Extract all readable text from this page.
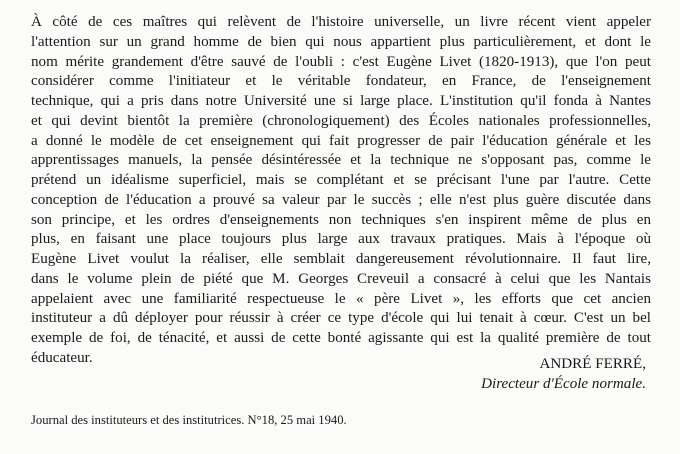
À côté de ces maîtres qui relèvent de l'histoire universelle, un livre récent vient appeler
l'attention sur un grand homme de bien qui nous appartient plus particulièrement, et dont le
nom mérite grandement d'être sauvé de l'oubli : c'est Eugène Livet (1820-1913), que l'on peut
considérer comme l'initiateur et le véritable fondateur, en France, de l'enseignement
technique, qui a pris dans notre Université une si large place. L'institution qu'il fonda à Nantes
et qui devint bientôt la première (chronologiquement) des Écoles nationales professionnelles,
a donné le modèle de cet enseignement qui fait progresser de pair l'éducation générale et les
apprentissages manuels, la pensée désintéressée et la technique ne s'opposant pas, comme le
prétend un idéalisme superficiel, mais se complétant et se précisant l'une par l'autre. Cette
conception de l'éducation a prouvé sa valeur par le succès ; elle n'est plus guère discutée dans
son principe, et les ordres d'enseignements non techniques s'en inspirent même de plus en
plus, en faisant une place toujours plus large aux travaux pratiques. Mais à l'époque où
Eugène Livet voulut la réaliser, elle semblait dangereusement révolutionnaire. Il faut lire,
dans le volume plein de piété que M. Georges Creveuil a consacré à celui que les Nantais
appelaient avec une familiarité respectueuse le « père Livet », les efforts que cet ancien
instituteur a dû déployer pour réussir à créer ce type d'école qui lui tenait à cœur. C'est un bel
exemple de foi, de ténacité, et aussi de cette bonté agissante qui est la qualité première de tout
éducateur.	ANDRÉ FERRÉ,
Directeur d'École normale.
Journal des instituteurs et des institutrices. N°18, 25 mai 1940.
